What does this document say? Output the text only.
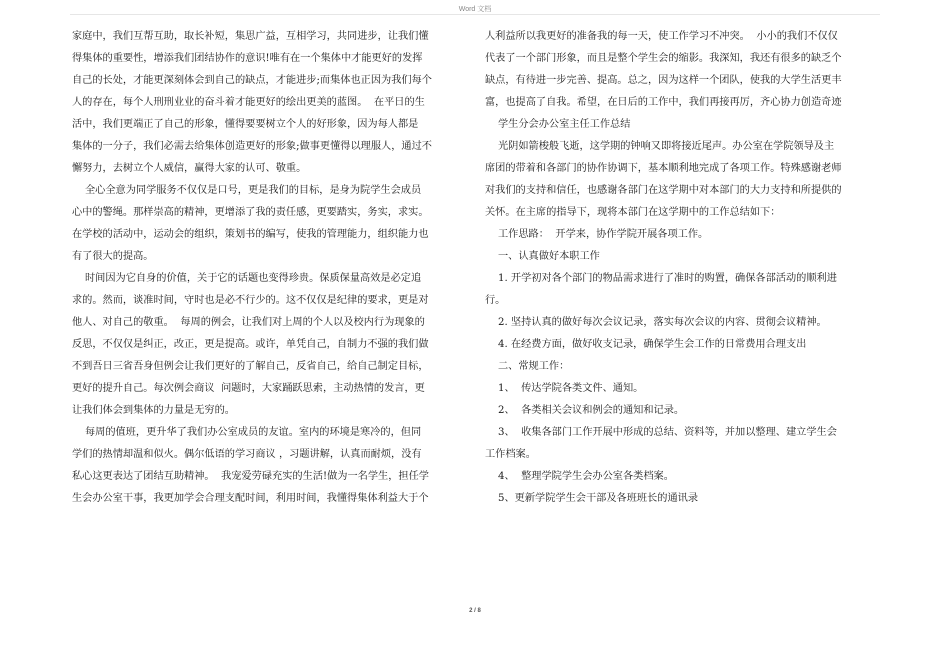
Word 文档

家庭中，我们互帮互助，取长补短，集思广益，互相学习，共同进步，让我们懂

得集体的重要性，增添我们团结协作的意识!唯有在一个集体中才能更好的发挥

自己的长处，才能更深刻体会到自己的缺点，才能进步;而集体也正因为我们每个

人的存在，每个人刑刑业业的奋斗着才能更好的绘出更美的蓝图。  在平日的生

活中，我们更端正了自己的形象，懂得要要树立个人的好形象，因为每人都是

集体的一分子，我们必需去给集体创造更好的形象;做事更懂得以理服人，通过不

懈努力，去树立个人威信，赢得大家的认可、敬重。

全心全意为同学服务不仅仅是口号，更是我们的目标，是身为院学生会成员

心中的警绳。那样崇高的精神，更增添了我的责任感，更要踏实，务实，求实。

在学校的活动中，运动会的组织，策划书的编写，使我的管理能力，组织能力也

有了很大的提高。

时间因为它自身的价值，关于它的话题也变得珍贵。保质保量高效是必定追

求的。然而，谈准时间，守时也是必不行少的。这不仅仅是纪律的要求，更是对

他人、对自己的敬重。  每周的例会，让我们对上周的个人以及校内行为现象的

反思，不仅仅是纠正，改正，更是提高。或许，单凭自己，自制力不强的我们做

不到吾日三省吾身但例会让我们更好的了解自己，反省自己，给自己制定目标，

更好的提升自己。每次例会商议  问题时，大家踊跃思索，主动热情的发言，更

让我们体会到集体的力量是无穷的。

每周的值班，更升华了我们办公室成员的友谊。室内的环境是寒冷的，但同

学们的热情却温和似火。偶尔低语的学习商议 ，习题讲解，认真而耐烦，没有

私心这更表达了团结互助精神。  我宠爱劳碌充实的生活!做为一名学生，担任学

生会办公室干事，我更加学会合理支配时间，利用时间，我懂得集体利益大于个

人利益所以我更好的准备我的每一天，使工作学习不冲突。  小小的我们不仅仅

代表了一个部门形象，而且是整个学生会的缩影。我深知，我还有很多的缺乏个

缺点，有待进一步完善、提高。总之，因为这样一个团队，使我的大学生活更丰

富，也提高了自我。希望，在日后的工作中，我们再接再厉，齐心协力创造奇迹

学生分会办公室主任工作总结

光阴如箭梭般飞逝，这学期的钟响又即将接近尾声。办公室在学院领导及主

席团的带着和各部门的协作协调下，基本顺利地完成了各项工作。特殊感谢老师

对我们的支持和信任，也感谢各部门在这学期中对本部门的大力支持和所提供的

关怀。在主席的指导下，现将本部门在这学期中的工作总结如下：

工作思路：  开学来，协作学院开展各项工作。

一、认真做好本职工作

1. 开学初对各个部门的物品需求进行了准时的购置，确保各部活动的顺利进

行。

2. 坚持认真的做好每次会议记录，落实每次会议的内容、贯彻会议精神。

4. 在经费方面，做好收支记录，确保学生会工作的日常费用合理支出

二、常规工作：

1、  传达学院各类文件、通知。

2、  各类相关会议和例会的通知和记录。

3、  收集各部门工作开展中形成的总结、资料等，并加以整理、建立学生会

工作档案。

4、  整理学院学生会办公室各类档案。

5、更新学院学生会干部及各班班长的通讯录

2 / 8
